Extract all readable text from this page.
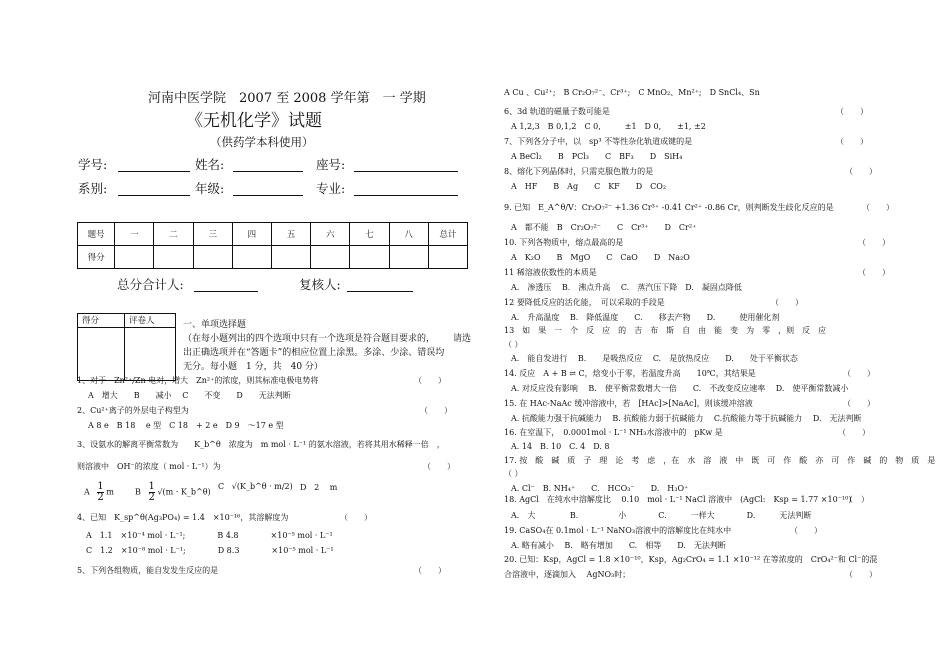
河南中医学院　2007 至 2008 学年第　一 学期
《无机化学》试题
（供药学本科使用）
学号:	姓名:	座号:
系别:	年级:	专业:
题号	一	二	三	四	五	六	七	八	总计
得分									
总分合计人:	复核人:
得分	评卷人
		一、单项选择题
（在每小题列出的四个选项中只有一个选项是符合题目要求的， 请选
出正确选项并在“答题卡”的相应位置上涂黑。多涂、少涂、错误均
无分。每小题　1 分，共　40 分）
1、对于　Zn²⁺/Zn 电对，增大　Zn²⁺的浓度，则其标准电极电势将	（　　）
A　增大　　B　　减小　 C　　不变　　D　　无法判断
2、Cu²⁺离子的外层电子构型为	（　　）
A 8 e　B 18　 e 型　C 18　+ 2 e　D 9　～17 e 型
3、设氨水的解离平衡常数为　　K_b^θ　浓度为　m mol · L⁻¹ 的氨水溶液，若将其用水稀释一倍　，
则溶液中　OH⁻的浓度（ mol · L⁻¹）为	（　　）
A $\frac{1}{2}$ m	B $\frac{1}{2} √(m$ · K_b^θ)
C √(K_b^θ · m/2) D 2　 m
4、已知　K_sp^θ(Ag₃PO₄) = 1.4　×10⁻¹⁶，其溶解度为	（　　）
A　1.1　×10⁻⁴ mol · L⁻¹;　　　　B 4.8　　　　×10⁻⁵ mol · L⁻¹
C　1.2　×10⁻⁸ mol · L⁻¹;　　　　D 8.3　　　　×10⁻⁵ mol · L⁻¹
5、下列各组物质，能自发发生反应的是	（　　）
A Cu 、Cu²⁺;　B Cr₂O₇²⁻、Cr³⁺;　C MnO₂、Mn²⁺;　D SnCl₄、Sn
6、3d 轨道的磁量子数可能是	（　　）
A 1,2,3　B 0,1,2　C 0,　　　±1　D 0,　　±1, ±2
7、下列各分子中，以　sp³ 不等性杂化轨道成键的是	（　　）
A BeCl₂　　B　PCl₃　　C　BF₃　　D　SiH₄
8、熔化下列晶体时，只需克服色散力的是	（　　）
A　HF　　B　Ag　　C　KF　　D　CO₂
9. 已知　E_A^θ/V：Cr₂O₇²⁻ +1.36 Cr³⁺ -0.41 Cr²⁺ -0.86 Cr，则判断发生歧化反应的是	（　　）
A　都不能　B　Cr₂O₇²⁻　　C　Cr³⁺　　D　Cr²⁺
10. 下列各物质中，熔点最高的是	（　　）
A　K₂O　　B　MgO　　C　CaO　　D　Na₂O
11 稀溶液依数性的本质是	（　　）
A.　渗透压　 B.　沸点升高　 C.　蒸汽压下降　D.　凝固点降低
12 要降低反应的活化能，　可以采取的手段是	（　　）
A.　升高温度　 B.　降低温度　　C.　　移去产物　　D.　　　使用催化剂
13　如　果　一　个　反　应　的　吉　布　斯　自　由　能　变　为　零　，则　反　应
（ ）
A.　能自发进行　 B.　　是吸热反应　 C.　是放热反应　　D.　　处于平衡状态
14. 反应　A + B ⇌ C，焓变小于零，若温度升高　　10℃，其结果是	（　　）
A. 对反应没有影响　 B.　使平衡常数增大一倍　　C.　不改变反应速率　 D.　使平衡常数减小
15. 在 HAc-NaAc 缓冲溶液中，若　[HAc]>[NaAc]，则该缓冲溶液	（　　）
A. 抗酸能力强于抗碱能力　 B. 抗酸能力弱于抗碱能力　 C.抗酸能力等于抗碱能力　 D.　无法判断
16. 在室温下，　0.0001mol · L⁻¹ NH₃水溶液中的　pKw 是	（　　）
A. 14　B. 10　C. 4　D. 8
17. 按　酸　碱　质　子　理　论　考　虑　，在　水　溶　液　中　既　可　作　酸　亦　可　作　碱　的　物　质　是
（ ）
A. Cl⁻　B. NH₄⁺　　C.　HCO₃⁻　　D.　H₃O⁺
18. AgCl　在纯水中溶解度比　 0.10　mol · L⁻¹ NaCl 溶液中　(AgCl:　Ksp = 1.77 ×10⁻¹⁰)
（　）
A.　大　　　　 B.　　　　　小　　　　C.　　　一样大　　　　D.　　　无法判断
19. CaSO₄在 0.1mol · L⁻¹ NaNO₃溶液中的溶解度比在纯水中	（　　）
A. 略有减小　 B.　略有增加　　C.　相等　　D.　无法判断
20. 已知：Ksp，AgCl = 1.8 ×10⁻¹⁰，Ksp，Ag₂CrO₄ = 1.1 ×10⁻¹² 在等浓度的　CrO₄²⁻和 Cl⁻的混
合溶液中，逐滴加入　 AgNO₃时；	（　　）
